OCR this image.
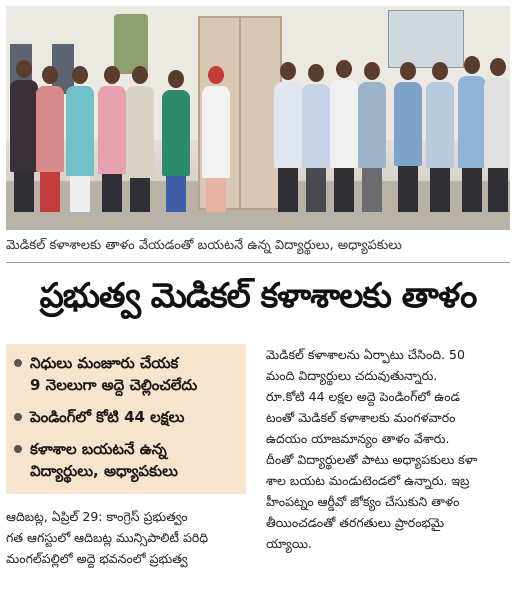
మెడికల్ కళాశాలకు తాళం వేయడంతో బయటనే ఉన్న విద్యార్థులు, అధ్యాపకులు
ప్రభుత్వ మెడికల్ కళాశాలకు తాళం
నిధులు మంజూరు చేయక
9 నెలలుగా అద్దె చెల్లించలేదు
పెండింగ్‌లో కోటి 44 లక్షలు
కళాశాల బయటనే ఉన్న
విద్యార్థులు, అధ్యాపకులు
ఆదిబట్ల, ఏప్రిల్ 29: కాంగ్రెస్ ప్రభుత్వం
గత ఆగస్టులో ఆదిబట్ల మున్సిపాలిటీ పరిధి
మంగల్‌పల్లిలో అద్దె భవనంలో ప్రభుత్వ
మెడికల్ కళాశాలను ఏర్పాటు చేసింది. 50
మంది విద్యార్థులు చదువుతున్నారు.
రూ.కోటి 44 లక్షల అద్దె పెండింగ్‌లో ఉండ
టంతో మెడికల్ కళాశాలకు మంగళవారం
ఉదయం యాజమాన్యం తాళం వేశారు.
దీంతో విద్యార్థులతో పాటు అధ్యాపకులు కళా
శాల బయట మండుటెండలో ఉన్నారు. ఇబ్ర
హీంపట్నం ఆర్డీవో జోక్యం చేసుకుని తాళం
తీయించడంతో తరగతులు ప్రారంభమై
య్యాయి.
